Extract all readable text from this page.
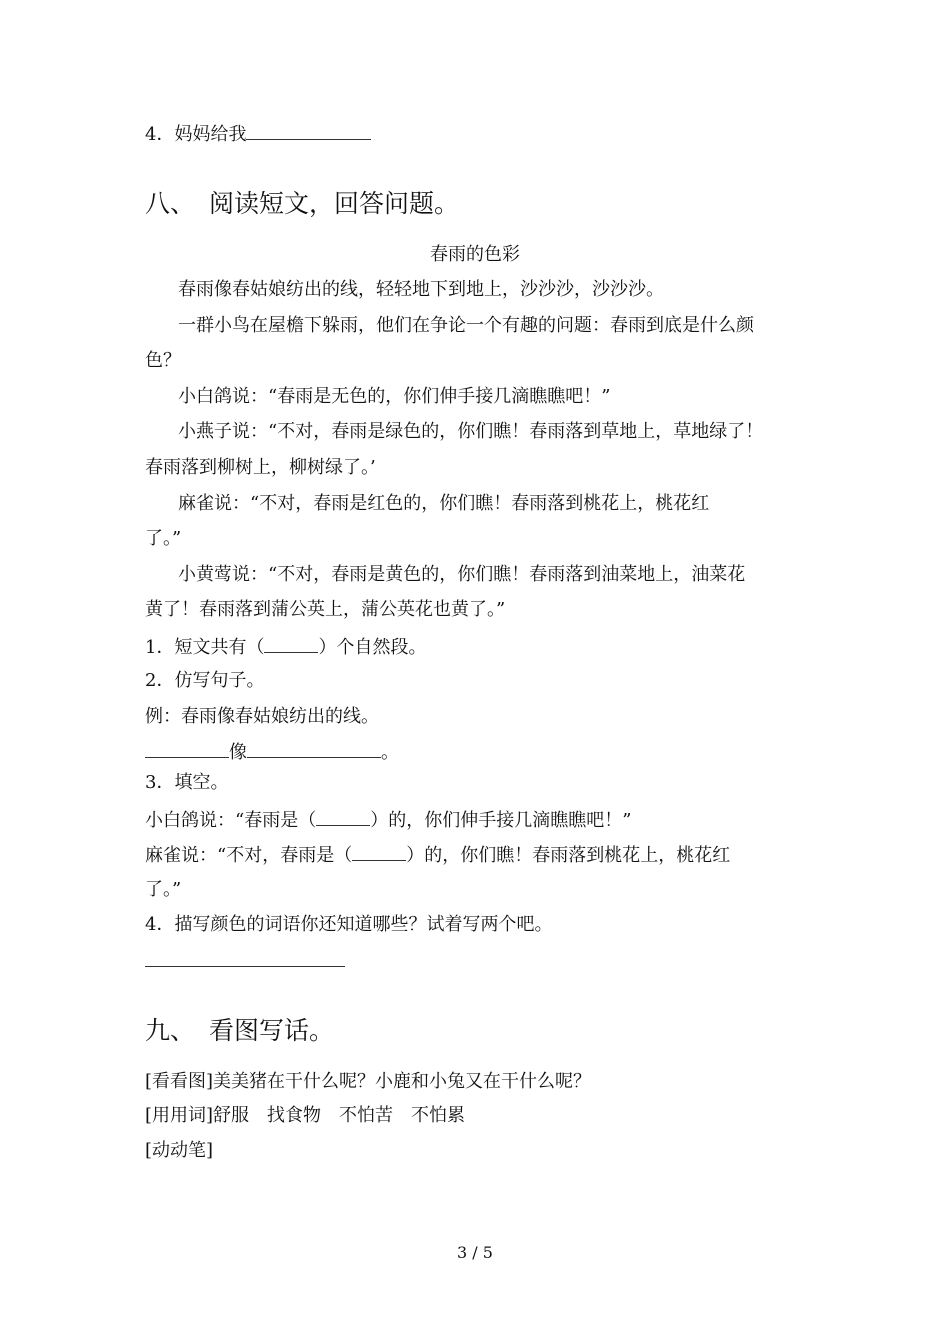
4．妈妈给我
八、 阅读短文，回答问题。
春雨的色彩
春雨像春姑娘纺出的线，轻轻地下到地上，沙沙沙，沙沙沙。
一群小鸟在屋檐下躲雨，他们在争论一个有趣的问题：春雨到底是什么颜
色？
小白鸽说：“春雨是无色的，你们伸手接几滴瞧瞧吧！”
小燕子说：“不对，春雨是绿色的，你们瞧！春雨落到草地上，草地绿了！
春雨落到柳树上，柳树绿了。’
麻雀说：“不对，春雨是红色的，你们瞧！春雨落到桃花上，桃花红
了。”
小黄莺说：“不对，春雨是黄色的，你们瞧！春雨落到油菜地上，油菜花
黄了！春雨落到蒲公英上，蒲公英花也黄了。”
1．短文共有（	）个自然段。
2．仿写句子。
例：春雨像春姑娘纺出的线。
像	。
3．填空。
小白鸽说：“春雨是（	）的，你们伸手接几滴瞧瞧吧！”
麻雀说：“不对，春雨是（	）的，你们瞧！春雨落到桃花上，桃花红
了。”
4．描写颜色的词语你还知道哪些？试着写两个吧。
九、 看图写话。
[看看图]美美猪在干什么呢？小鹿和小兔又在干什么呢？
[用用词]舒服　找食物　不怕苦　不怕累
[动动笔]
3 / 5
